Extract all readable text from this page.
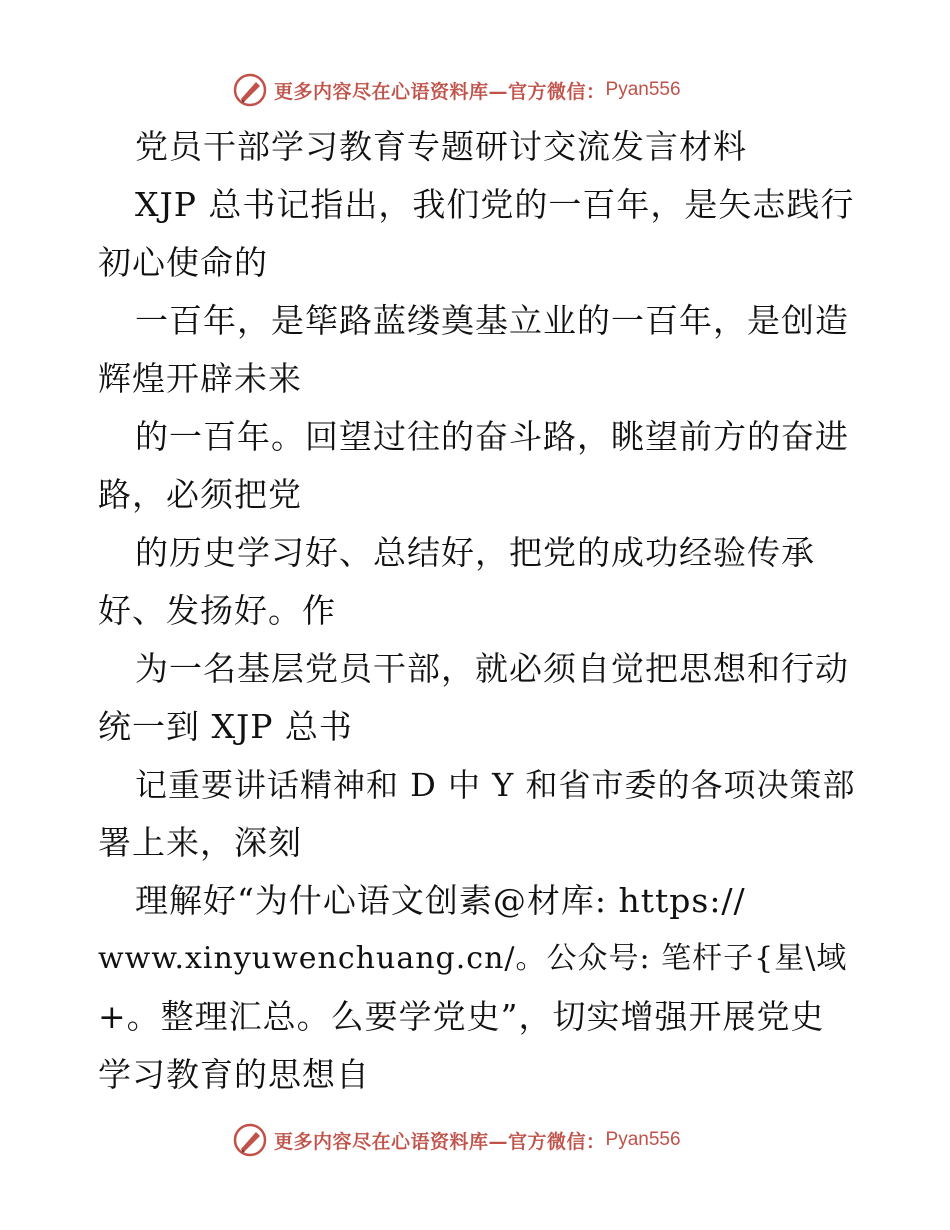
更多内容尽在心语资料库—官方微信： Pyan556
党员干部学习教育专题研讨交流发言材料
XJP 总书记指出，我们党的一百年，是矢志践行
初心使命的
一百年，是筚路蓝缕奠基立业的一百年，是创造
辉煌开辟未来
的一百年。回望过往的奋斗路，眺望前方的奋进
路，必须把党
的历史学习好、总结好，把党的成功经验传承
好、发扬好。作
为一名基层党员干部，就必须自觉把思想和行动
统一到 XJP 总书
记重要讲话精神和 D 中 Y 和省市委的各项决策部
署上来，深刻
理解好“为什心语文创素@材库: https://
www.xinyuwenchuang.cn/。公众号: 笔杆子{星\域
+。整理汇总。么要学党史”，切实增强开展党史
学习教育的思想自
更多内容尽在心语资料库—官方微信： Pyan556
